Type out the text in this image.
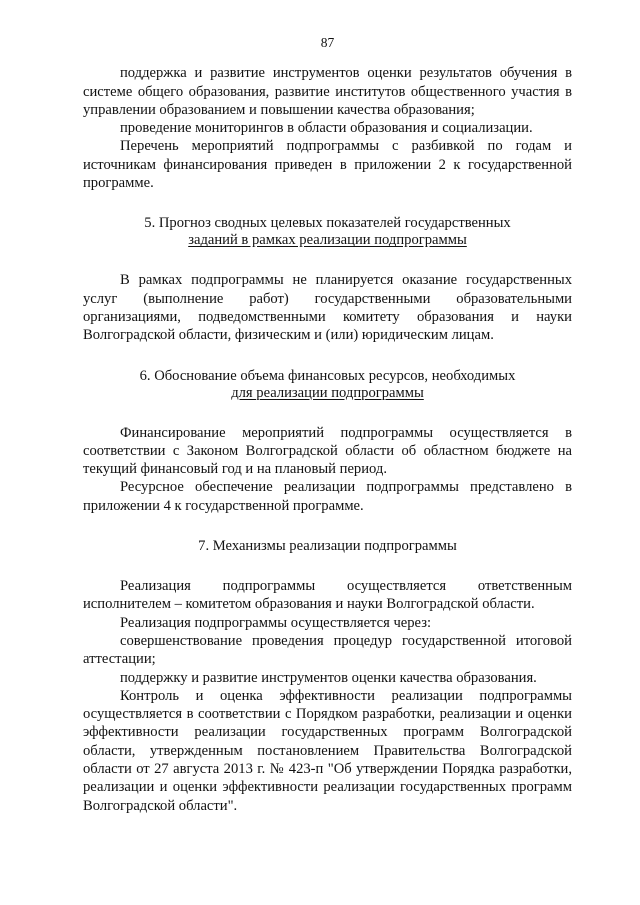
87

поддержка и развитие инструментов оценки результатов обучения в системе общего образования, развитие институтов общественного участия в управлении образованием и повышении качества образования;

проведение мониторингов в области образования и социализации.

Перечень мероприятий подпрограммы с разбивкой по годам и источникам финансирования приведен в приложении 2 к государственной программе.

5. Прогноз сводных целевых показателей государственных
заданий в рамках реализации подпрограммы

В рамках подпрограммы не планируется оказание государственных услуг (выполнение работ) государственными образовательными организациями, подведомственными комитету образования и науки Волгоградской области, физическим и (или) юридическим лицам.

6. Обоснование объема финансовых ресурсов, необходимых
для реализации подпрограммы

Финансирование мероприятий подпрограммы осуществляется в соответствии с Законом Волгоградской области об областном бюджете на текущий финансовый год и на плановый период.

Ресурсное обеспечение реализации подпрограммы представлено в приложении 4 к государственной программе.

7. Механизмы реализации подпрограммы

Реализация подпрограммы осуществляется ответственным исполнителем – комитетом образования и науки Волгоградской области.

Реализация подпрограммы осуществляется через:

совершенствование проведения процедур государственной итоговой аттестации;

поддержку и развитие инструментов оценки качества образования.

Контроль и оценка эффективности реализации подпрограммы осуществляется в соответствии с Порядком разработки, реализации и оценки эффективности реализации государственных программ Волгоградской области, утвержденным постановлением Правительства Волгоградской области от 27 августа 2013 г. № 423-п "Об утверждении Порядка разработки, реализации и оценки эффективности реализации государственных программ Волгоградской области".
